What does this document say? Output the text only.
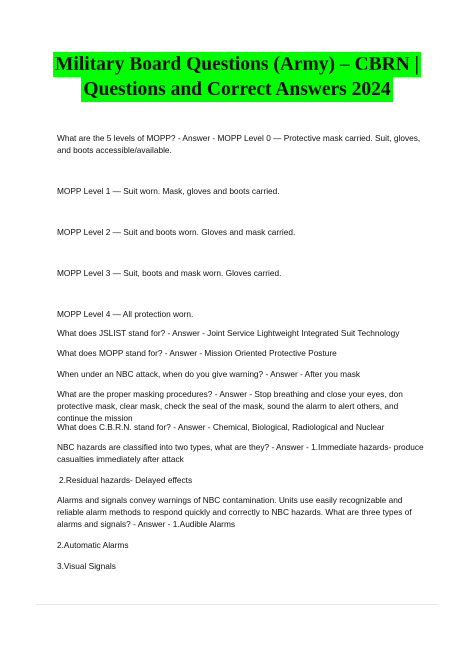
Military Board Questions (Army) – CBRN |
Questions and Correct Answers 2024

What are the 5 levels of MOPP? - Answer - MOPP Level 0 — Protective mask carried. Suit, gloves, and boots accessible/available.

MOPP Level 1 — Suit worn. Mask, gloves and boots carried.

MOPP Level 2 — Suit and boots worn. Gloves and mask carried.

MOPP Level 3 — Suit, boots and mask worn. Gloves carried.

MOPP Level 4 — All protection worn.

What does JSLIST stand for? - Answer - Joint Service Lightweight Integrated Suit Technology

What does MOPP stand for? - Answer - Mission Oriented Protective Posture

When under an NBC attack, when do you give warning? - Answer - After you mask

What are the proper masking procedures? - Answer - Stop breathing and close your eyes, don protective mask, clear mask, check the seal of the mask, sound the alarm to alert others, and continue the mission

What does C.B.R.N. stand for? - Answer - Chemical, Biological, Radiological and Nuclear

NBC hazards are classified into two types, what are they? - Answer - 1.Immediate hazards- produce casualties immediately after attack

2.Residual hazards- Delayed effects

Alarms and signals convey warnings of NBC contamination. Units use easily recognizable and reliable alarm methods to respond quickly and correctly to NBC hazards. What are three types of alarms and signals? - Answer - 1.Audible Alarms

2.Automatic Alarms

3.Visual Signals
